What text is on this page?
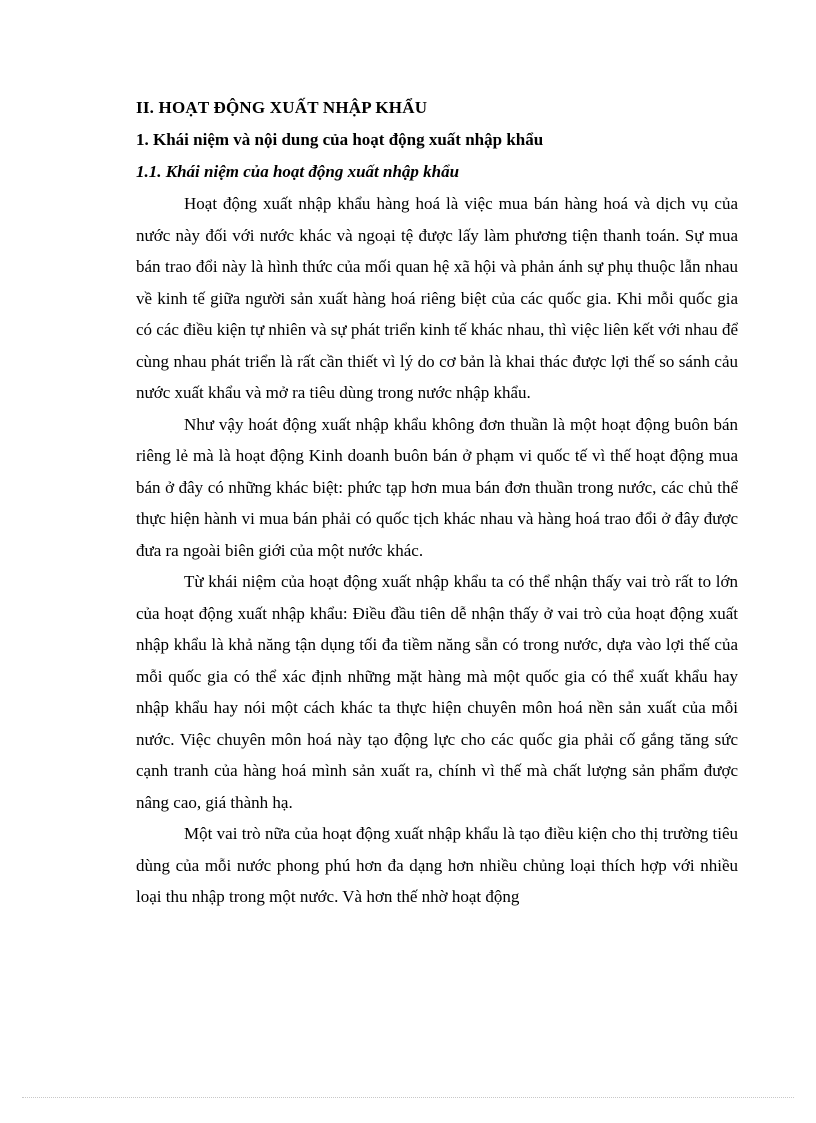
II. HOẠT ĐỘNG XUẤT NHẬP KHẨU

1. Khái niệm và nội dung của hoạt động xuất nhập khẩu

1.1. Khái niệm của hoạt động xuất nhập khẩu

Hoạt động xuất nhập khẩu hàng hoá là việc mua bán hàng hoá và dịch vụ của nước này đối với nước khác và ngoại tệ được lấy làm phương tiện thanh toán. Sự mua bán trao đổi này là hình thức của mối quan hệ xã hội và phản ánh sự phụ thuộc lẫn nhau về kinh tế giữa người sản xuất hàng hoá riêng biệt của các quốc gia. Khi mỗi quốc gia có các điều kiện tự nhiên và sự phát triển kinh tế khác nhau, thì việc liên kết với nhau để cùng nhau phát triển là rất cần thiết vì lý do cơ bản là khai thác được lợi thế so sánh cảu nước xuất khẩu và mở ra tiêu dùng trong nước nhập khẩu.

Như vậy hoát động xuất nhập khẩu không đơn thuần là một hoạt động buôn bán riêng lẻ mà là hoạt động Kinh doanh buôn bán ở phạm vi quốc tế vì thế hoạt động mua bán ở đây có những khác biệt: phức tạp hơn mua bán đơn thuần trong nước, các chủ thể thực hiện hành vi mua bán phải có quốc tịch khác nhau và hàng hoá trao đổi ở đây được đưa ra ngoài biên giới của một nước khác.

Từ khái niệm của hoạt động xuất nhập khẩu ta có thể nhận thấy vai trò rất to lớn của hoạt động xuất nhập khẩu: Điều đầu tiên dễ nhận thấy ở vai trò của hoạt động xuất nhập khẩu là khả năng tận dụng tối đa tiềm năng sẵn có trong nước, dựa vào lợi thế của mỗi quốc gia có thể xác định những mặt hàng mà một quốc gia có thể xuất khẩu hay nhập khẩu hay nói một cách khác ta thực hiện chuyên môn hoá nền sản xuất của mỗi nước. Việc chuyên môn hoá này tạo động lực cho các quốc gia phải cố gắng tăng sức cạnh tranh của hàng hoá mình sản xuất ra, chính vì thế mà chất lượng sản phẩm được nâng cao, giá thành hạ.

Một vai trò nữa của hoạt động xuất nhập khẩu là tạo điều kiện cho thị trường tiêu dùng của mỗi nước phong phú hơn đa dạng hơn nhiều chủng loại thích hợp với nhiều loại thu nhập trong một nước. Và hơn thế nhờ hoạt động
